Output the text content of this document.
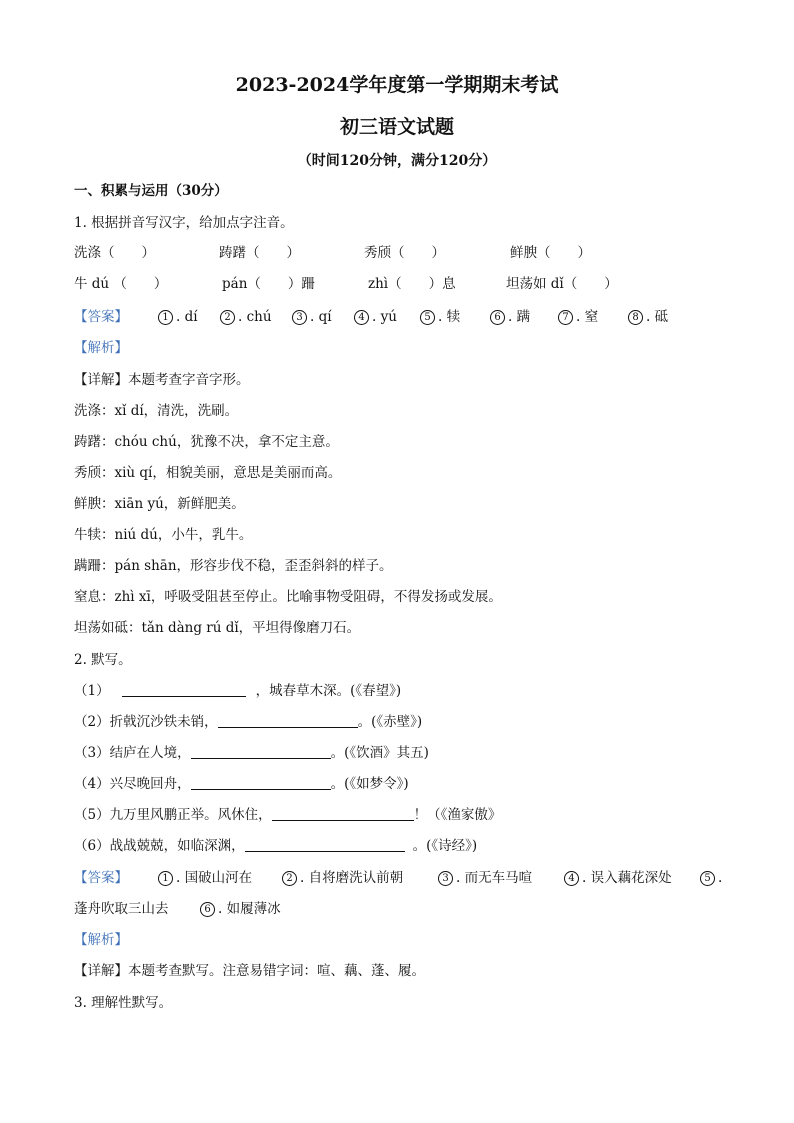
2023-2024学年度第一学期期末考试
初三语文试题
（时间120分钟，满分120分）
一、积累与运用（30分）
1. 根据拼音写汉字，给加点字注音。
洗涤（　　）	踌躇（　　）	秀颀（　　）	鲜腴（　　）
牛 dú （　　）	pán（　　）跚	zhì（　　）息	坦荡如 dǐ（　　）
【答案】	1 . dí	2 . chú	3 . qí	4 . yú	5 . 犊	6 . 蹒	7 . 窒	8 . 砥
【解析】
【详解】本题考查字音字形。
洗涤：xǐ dí，清洗，洗刷。
踌躇：chóu chú，犹豫不决，拿不定主意。
秀颀：xiù qí，相貌美丽，意思是美丽而高。
鲜腴：xiān yú，新鲜肥美。
牛犊：niú dú，小牛，乳牛。
蹒跚：pán shān，形容步伐不稳，歪歪斜斜的样子。
窒息：zhì xī，呼吸受阻甚至停止。比喻事物受阻碍，不得发扬或发展。
坦荡如砥：tǎn dàng rú dǐ，平坦得像磨刀石。
2. 默写。
（1）	，城春草木深。(《春望》)
（2）折戟沉沙铁未销，	。(《赤壁》)
（3）结庐在人境，	。(《饮酒》其五)
（4）兴尽晚回舟，	。(《如梦令》)
（5）九万里风鹏正举。风休住，	！（《渔家傲》
（6）战战兢兢，如临深渊，	。(《诗经》)
【答案】	1 . 国破山河在	2 . 自将磨洗认前朝	3 . 而无车马喧	4 . 误入藕花深处	5 .
蓬舟吹取三山去	6 . 如履薄冰
【解析】
【详解】本题考查默写。注意易错字词：喧、藕、蓬、履。
3. 理解性默写。
